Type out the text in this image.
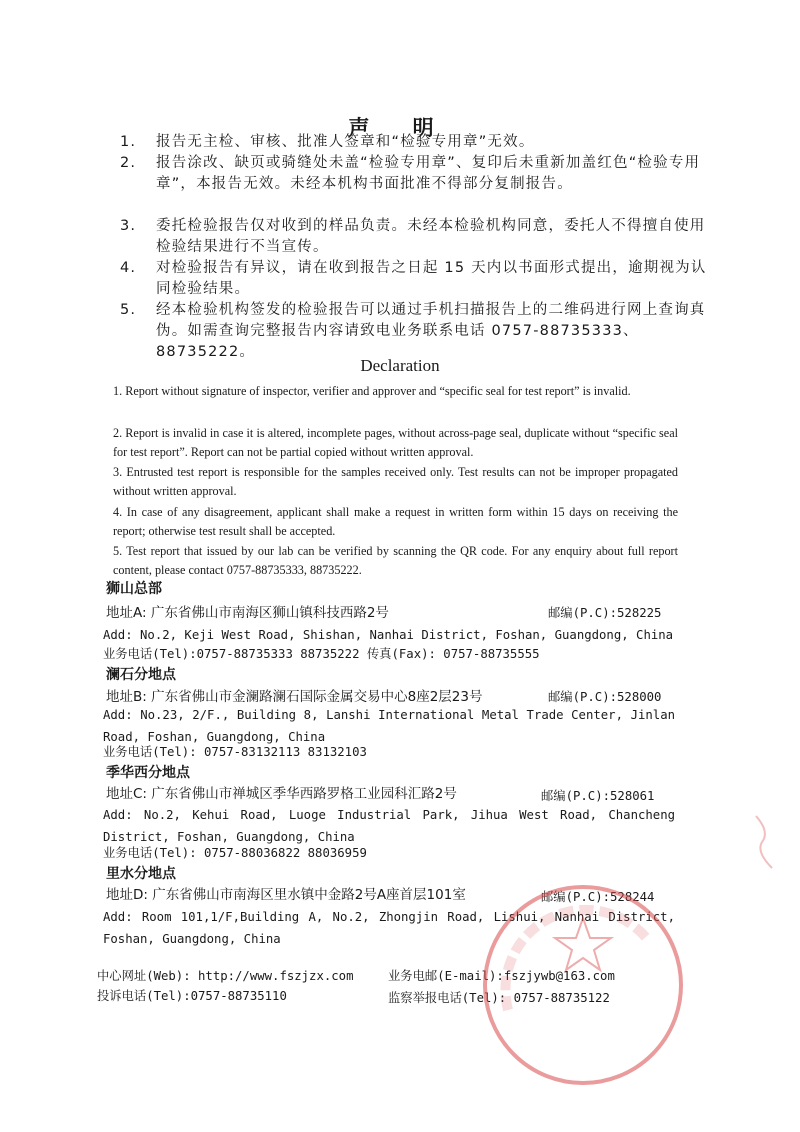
声 明
1. 报告无主检、审核、批准人签章和“检验专用章”无效。
2. 报告涂改、缺页或骑缝处未盖“检验专用章”、复印后未重新加盖红色“检验专用章”，本报告无效。未经本机构书面批准不得部分复制报告。
3. 委托检验报告仅对收到的样品负责。未经本检验机构同意，委托人不得擅自使用检验结果进行不当宣传。
4. 对检验报告有异议，请在收到报告之日起 15 天内以书面形式提出，逾期视为认同检验结果。
5. 经本检验机构签发的检验报告可以通过手机扫描报告上的二维码进行网上查询真伪。如需查询完整报告内容请致电业务联系电话 0757-88735333、88735222。
Declaration
1. Report without signature of inspector, verifier and approver and “specific seal for test report” is invalid.
2. Report is invalid in case it is altered, incomplete pages, without across-page seal, duplicate without “specific seal for test report”. Report can not be partial copied without written approval.
3. Entrusted test report is responsible for the samples received only. Test results can not be improper propagated without written approval.
4. In case of any disagreement, applicant shall make a request in written form within 15 days on receiving the report; otherwise test result shall be accepted.
5. Test report that issued by our lab can be verified by scanning the QR code. For any enquiry about full report content, please contact 0757-88735333, 88735222.
狮山总部
地址A: 广东省佛山市南海区狮山镇科技西路2号	邮编(P.C):528225
Add: No.2, Keji West Road, Shishan, Nanhai District, Foshan, Guangdong, China
业务电话(Tel):0757-88735333 88735222 传真(Fax): 0757-88735555
澜石分地点
地址B: 广东省佛山市金澜路澜石国际金属交易中心8座2层23号	邮编(P.C):528000
Add: No.23, 2/F., Building 8, Lanshi International Metal Trade Center, Jinlan Road, Foshan, Guangdong, China
业务电话(Tel): 0757-83132113 83132103
季华西分地点
地址C: 广东省佛山市禅城区季华西路罗格工业园科汇路2号	邮编(P.C):528061
Add: No.2, Kehui Road, Luoge Industrial Park, Jihua West Road, Chancheng District, Foshan, Guangdong, China
业务电话(Tel): 0757-88036822 88036959
里水分地点
地址D: 广东省佛山市南海区里水镇中金路2号A座首层101室	邮编(P.C):528244
Add: Room 101,1/F,Building A, No.2, Zhongjin Road, Lishui, Nanhai District, Foshan, Guangdong, China
中心网址(Web): http://www.fszjzx.com	业务电邮(E-mail):fszjywb@163.com
投诉电话(Tel):0757-88735110	监察举报电话(Tel): 0757-88735122
